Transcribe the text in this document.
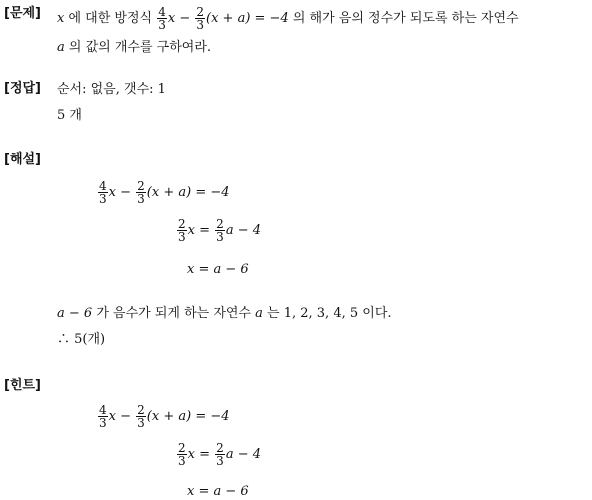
[문제] x 에 대한 방정식 $\frac{4}{3}$ $x - \frac{2}{3} (x + a) = -4$ 의 해가 음의 정수가 되도록 하는 자연수
a 의 값의 개수를 구하여라.
[정답] 순서: 없음, 갯수: 1
5 개
[해설]
$\frac{4}{3}$ $x - \frac{2}{3} (x + a) = -4$
$\frac{2}{3}$ $x = \frac{2}{3}$ a − 4
x = a − 6
a − 6 가 음수가 되게 하는 자연수 a 는 1, 2, 3, 4, 5 이다.
∴ 5(개)
[힌트]
$\frac{4}{3}$ $x - \frac{2}{3} (x + a) = -4$
$\frac{2}{3}$ $x = \frac{2}{3}$ a − 4
x = a − 6
